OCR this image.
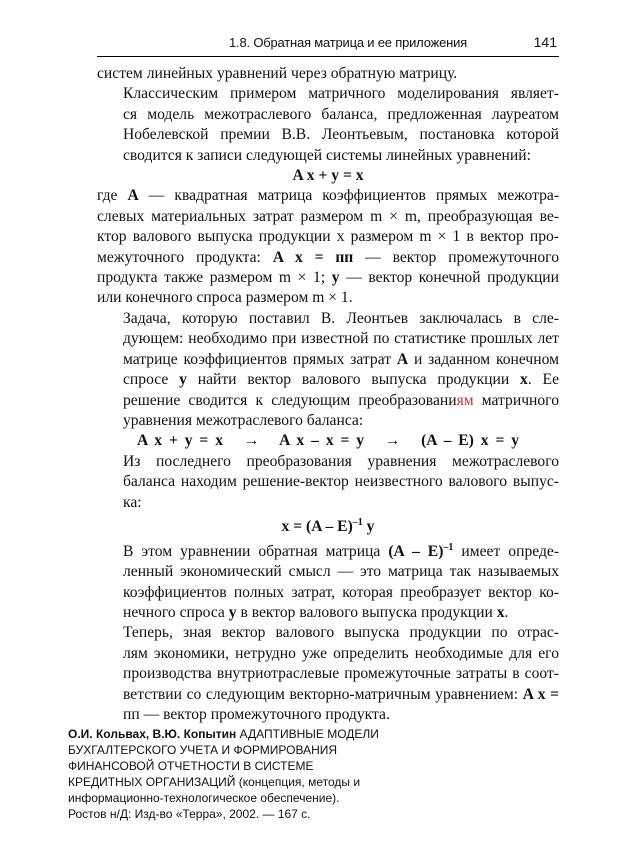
1.8. Обратная матрица и ее приложения	141

систем линейных уравнений через обратную матрицу.

Классическим примером матричного моделирования являет-
ся модель межотраслевого баланса, предложенная лауреатом
Нобелевской премии В.В. Леонтьевым, постановка которой
сводится к записи следующей системы линейных уравнений:

A x + y = x

где A — квадратная матрица коэффициентов прямых межотра-
слевых материальных затрат размером m × m, преобразующая ве-
ктор валового выпуска продукции x размером m × 1 в вектор про-
межуточного продукта: A x = пп — вектор промежуточного
продукта также размером m × 1; y — вектор конечной продукции
или конечного спроса размером m × 1.

Задача, которую поставил В. Леонтьев заключалась в сле-
дующем: необходимо при известной по статистике прошлых лет
матрице коэффициентов прямых затрат A и заданном конечном
спросе y найти вектор валового выпуска продукции x. Ее
решение сводится к следующим преобразованиям матричного
уравнения межотраслевого баланса:

A x + y = x   →   A x – x = y   →   (A – E) x = y

Из последнего преобразования уравнения межотраслевого
баланса находим решение-вектор неизвестного валового выпус-
ка:

x = (A – E)$^{-1}$ y

В этом уравнении обратная матрица (A – E)$^{-1}$ имеет опреде-
ленный экономический смысл — это матрица так называемых
коэффициентов полных затрат, которая преобразует вектор ко-
нечного спроса y в вектор валового выпуска продукции x.

Теперь, зная вектор валового выпуска продукции по отрас-
лям экономики, нетрудно уже определить необходимые для его
производства внутриотраслевые промежуточные затраты в соот-
ветствии со следующим векторно-матричным уравнением: A x =
пп — вектор промежуточного продукта.

О.И. Кольвах, В.Ю. Копытин АДАПТИВНЫЕ МОДЕЛИ
БУХГАЛТЕРСКОГО УЧЕТА И ФОРМИРОВАНИЯ
ФИНАНСОВОЙ ОТЧЕТНОСТИ В СИСТЕМЕ
КРЕДИТНЫХ ОРГАНИЗАЦИЙ (концепция, методы и
информационно-технологическое обеспечение).
Ростов н/Д: Изд-во «Терра», 2002. — 167 с.
